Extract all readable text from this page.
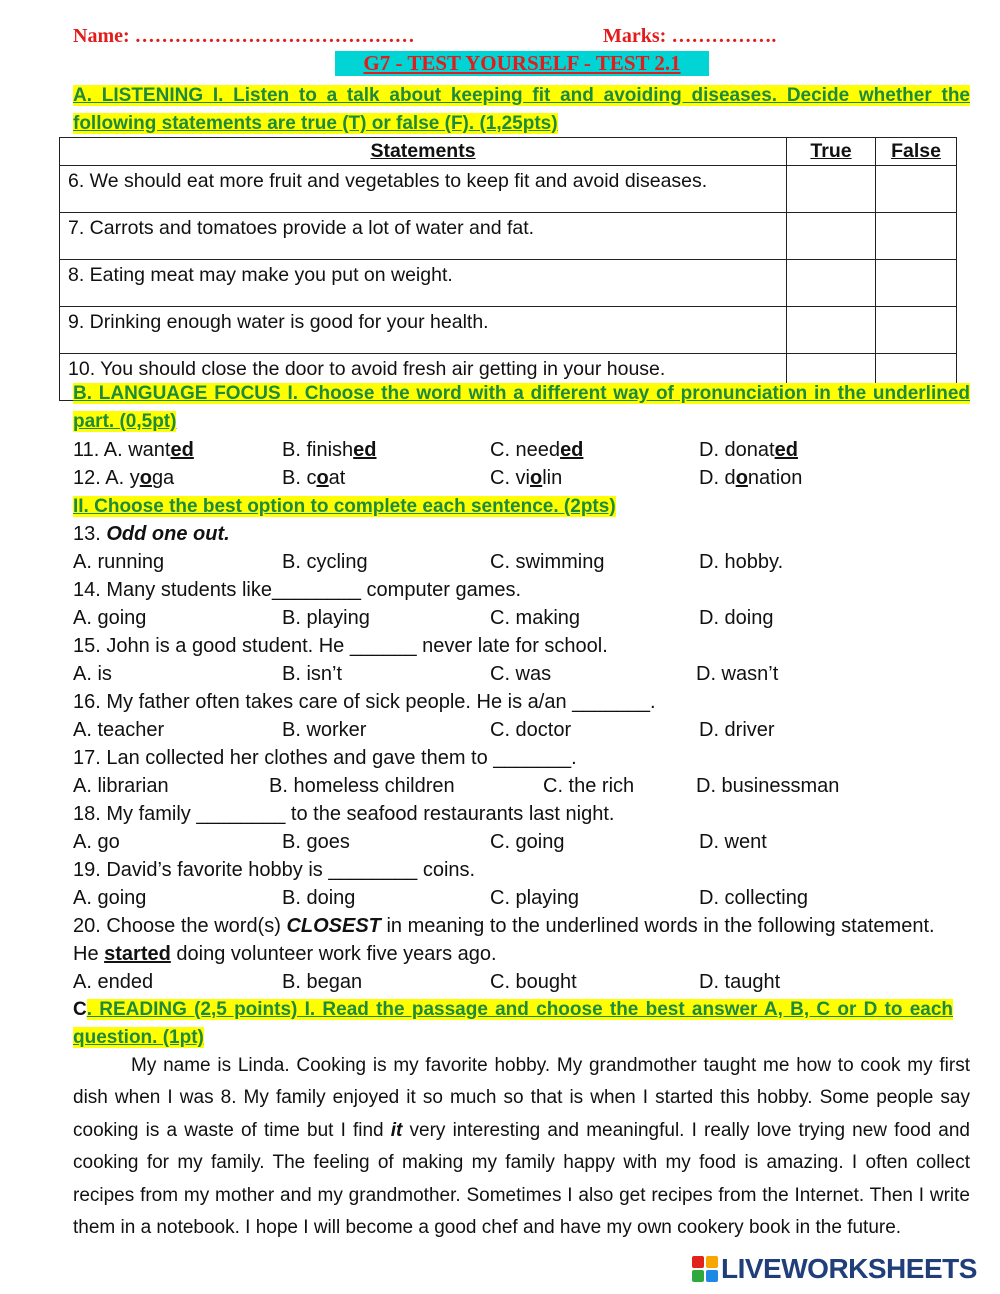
Name: ……………………………………	Marks: …………….
G7 - TEST YOURSELF - TEST 2.1
A. LISTENING I. Listen to a talk about keeping fit and avoiding diseases. Decide whether the following statements are true (T) or false (F). (1,25pts)
Statements	True	False
6. We should eat more fruit and vegetables to keep fit and avoid diseases.		
7. Carrots and tomatoes provide a lot of water and fat.		
8. Eating meat may make you put on weight.		
9. Drinking enough water is good for your health.		
10. You should close the door to avoid fresh air getting in your house.		
B. LANGUAGE FOCUS I. Choose the word with a different way of pronunciation in the underlined part. (0,5pt)
11. A. wanted	B. finished	C. needed	D. donated
12. A. yoga	B. coat	C. violin	D. donation
II. Choose the best option to complete each sentence. (2pts)
13. Odd one out.
A. running	B. cycling	C. swimming	D. hobby.
14. Many students like________ computer games.
A. going	B. playing	C. making	D. doing
15. John is a good student. He ______ never late for school.
A. is	B. isn’t	C. was	D. wasn’t
16. My father often takes care of sick people. He is a/an _______.
A. teacher	B. worker	C. doctor	D. driver
17. Lan collected her clothes and gave them to _______.
A. librarian	B. homeless children	C. the rich	D. businessman
18. My family ________ to the seafood restaurants last night.
A. go	B. goes	C. going	D. went
19. David’s favorite hobby is ________ coins.
A. going	B. doing	C. playing	D. collecting
20. Choose the word(s) CLOSEST in meaning to the underlined words in the following statement.
He started doing volunteer work five years ago.
A. ended	B. began	C. bought	D. taught
C. READING (2,5 points) I. Read the passage and choose the best answer A, B, C or D to each question. (1pt)
My name is Linda. Cooking is my favorite hobby. My grandmother taught me how to cook my first dish when I was 8. My family enjoyed it so much so that is when I started this hobby. Some people say cooking is a waste of time but I find it very interesting and meaningful. I really love trying new food and cooking for my family. The feeling of making my family happy with my food is amazing. I often collect recipes from my mother and my grandmother. Sometimes I also get recipes from the Internet. Then I write them in a notebook. I hope I will become a good chef and have my own cookery book in the future.
LIVEWORKSHEETS
